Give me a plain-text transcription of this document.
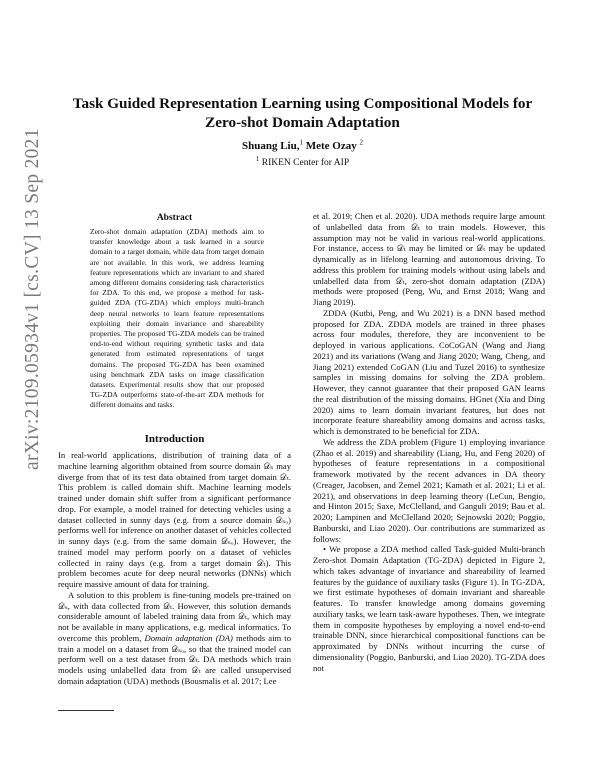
arXiv:2109.05934v1 [cs.CV] 13 Sep 2021
Task Guided Representation Learning using Compositional Models for Zero-shot Domain Adaptation
Shuang Liu,$^1$ Mete Ozay $^2$
$^1$ RIKEN Center for AIP
Abstract
Zero-shot domain adaptation (ZDA) methods aim to transfer knowledge about a task learned in a source domain to a target domain, while data from target domain are not available. In this work, we address learning feature representations which are invariant to and shared among different domains considering task characteristics for ZDA. To this end, we propose a method for task-guided ZDA (TG-ZDA) which employs multi-branch deep neural networks to learn feature representations exploiting their domain invariance and shareability properties. The proposed TG-ZDA models can be trained end-to-end without requiring synthetic tasks and data generated from estimated representations of target domains. The proposed TG-ZDA has been examined using benchmark ZDA tasks on image classification datasets. Experimental results show that our proposed TG-ZDA outperforms state-of-the-art ZDA methods for different domains and tasks.
Introduction

In real-world applications, distribution of training data of a machine learning algorithm obtained from source domain 𝒟ₛ may diverge from that of its test data obtained from target domain 𝒟ₜ. This problem is called domain shift. Machine learning models trained under domain shift suffer from a significant performance drop. For example, a model trained for detecting vehicles using a dataset collected in sunny days (e.g. from a source domain 𝒟ₛᵤ) performs well for inference on another dataset of vehicles collected in sunny days (e.g. from the same domain 𝒟ₛᵤ). However, the trained model may perform poorly on a dataset of vehicles collected in rainy days (e.g. from a target domain 𝒟ₜ). This problem becomes acute for deep neural networks (DNNs) which require massive amount of data for training.

A solution to this problem is fine-tuning models pre-trained on 𝒟ₛ, with data collected from 𝒟ₜ. However, this solution demands considerable amount of labeled training data from 𝒟ₜ, which may not be available in many applications, e.g. medical informatics. To overcome this problem, Domain adaptation (DA) methods aim to train a model on a dataset from 𝒟ₛᵤ, so that the trained model can perform well on a test dataset from 𝒟ₜ. DA methods which train models using unlabelled data from 𝒟ₜ are called unsupervised domain adaptation (UDA) methods (Bousmalis et al. 2017; Lee

et al. 2019; Chen et al. 2020). UDA methods require large amount of unlabelled data from 𝒟ₜ to train models. However, this assumption may not be valid in various real-world applications. For instance, access to 𝒟ₜ may be limited or 𝒟ₜ may be updated dynamically as in lifelong learning and autonomous driving. To address this problem for training models without using labels and unlabelled data from 𝒟ₜ, zero-shot domain adaptation (ZDA) methods were proposed (Peng, Wu, and Ernst 2018; Wang and Jiang 2019).

ZDDA (Kutbi, Peng, and Wu 2021) is a DNN based method proposed for ZDA. ZDDA models are trained in three phases across four modules, therefore, they are inconvenient to be deployed in various applications. CoCoGAN (Wang and Jiang 2021) and its variations (Wang and Jiang 2020; Wang, Cheng, and Jiang 2021) extended CoGAN (Liu and Tuzel 2016) to synthesize samples in missing domains for solving the ZDA problem. However, they cannot guarantee that their proposed GAN learns the real distribution of the missing domains. HGnet (Xia and Ding 2020) aims to learn domain invariant features, but does not incorporate feature shareability among domains and across tasks, which is demonstrated to be beneficial for ZDA.

We address the ZDA problem (Figure 1) employing invariance (Zhao et al. 2019) and shareability (Liang, Hu, and Feng 2020) of hypotheses of feature representations in a compositional framework motivated by the recent advances in DA theory (Creager, Jacobsen, and Zemel 2021; Kamath et al. 2021; Li et al. 2021), and observations in deep learning theory (LeCun, Bengio, and Hinton 2015; Saxe, McClelland, and Ganguli 2019; Bau et al. 2020; Lampinen and McClelland 2020; Sejnowski 2020; Poggio, Banburski, and Liao 2020). Our contributions are summarized as follows:

• We propose a ZDA method called Task-guided Multi-branch Zero-shot Domain Adaptation (TG-ZDA) depicted in Figure 2, which takes advantage of invariance and shareability of learned features by the guidance of auxiliary tasks (Figure 1). In TG-ZDA, we first estimate hypotheses of domain invariant and shareable features. To transfer knowledge among domains governing auxiliary tasks, we learn task-aware hypotheses. Then, we integrate them in composite hypotheses by employing a novel end-to-end trainable DNN, since hierarchical compositional functions can be approximated by DNNs without incurring the curse of dimensionality (Poggio, Banburski, and Liao 2020). TG-ZDA does not
